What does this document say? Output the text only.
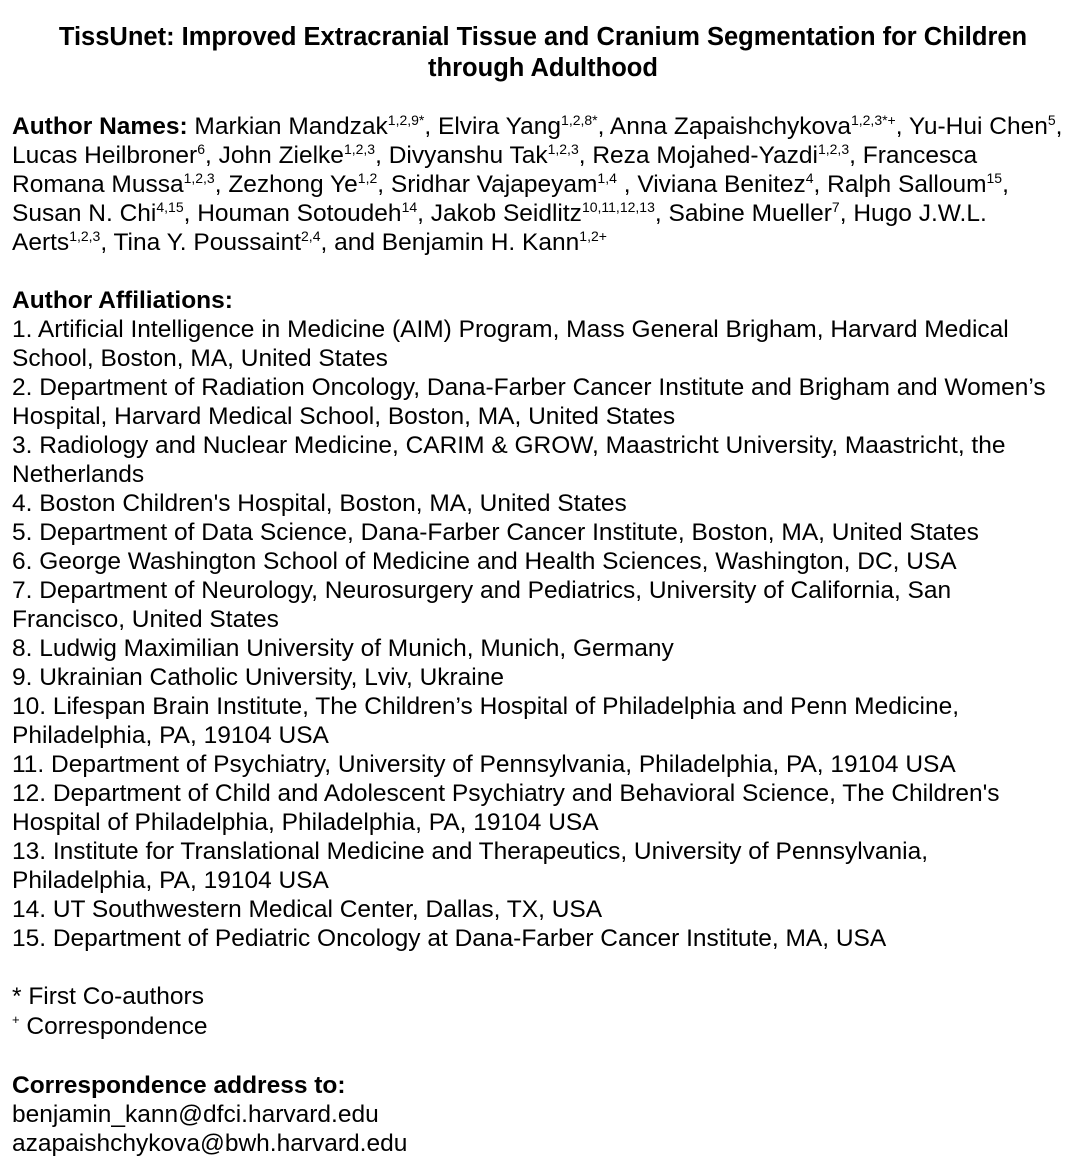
TissUnet: Improved Extracranial Tissue and Cranium Segmentation for Children
through Adulthood

Author Names: Markian Mandzak$^{1,2,9*}$, Elvira Yang$^{1,2,8*}$, Anna Zapaishchykova$^{1,2,3*+}$, Yu-Hui Chen$^5$, Lucas Heilbroner$^6$, John Zielke$^{1,2,3}$, Divyanshu Tak$^{1,2,3}$, Reza Mojahed-Yazdi$^{1,2,3}$, Francesca Romana Mussa$^{1,2,3}$, Zezhong Ye$^{1,2}$, Sridhar Vajapeyam$^{1,4}$ , Viviana Benitez$^4$, Ralph Salloum$^{15}$, Susan N. Chi$^{4,15}$, Houman Sotoudeh$^{14}$, Jakob Seidlitz$^{10,11,12,13}$, Sabine Mueller$^7$, Hugo J.W.L. Aerts$^{1,2,3}$, Tina Y. Poussaint$^{2,4}$, and Benjamin H. Kann$^{1,2+}$

Author Affiliations:
1. Artificial Intelligence in Medicine (AIM) Program, Mass General Brigham, Harvard Medical
School, Boston, MA, United States
2. Department of Radiation Oncology, Dana-Farber Cancer Institute and Brigham and Women’s
Hospital, Harvard Medical School, Boston, MA, United States
3. Radiology and Nuclear Medicine, CARIM & GROW, Maastricht University, Maastricht, the
Netherlands
4. Boston Children's Hospital, Boston, MA, United States
5. Department of Data Science, Dana-Farber Cancer Institute, Boston, MA, United States
6. George Washington School of Medicine and Health Sciences, Washington, DC, USA
7. Department of Neurology, Neurosurgery and Pediatrics, University of California, San
Francisco, United States
8. Ludwig Maximilian University of Munich, Munich, Germany
9. Ukrainian Catholic University, Lviv, Ukraine
10. Lifespan Brain Institute, The Children’s Hospital of Philadelphia and Penn Medicine,
Philadelphia, PA, 19104 USA
11. Department of Psychiatry, University of Pennsylvania, Philadelphia, PA, 19104 USA
12. Department of Child and Adolescent Psychiatry and Behavioral Science, The Children's
Hospital of Philadelphia, Philadelphia, PA, 19104 USA
13. Institute for Translational Medicine and Therapeutics, University of Pennsylvania,
Philadelphia, PA, 19104 USA
14. UT Southwestern Medical Center, Dallas, TX, USA
15. Department of Pediatric Oncology at Dana-Farber Cancer Institute, MA, USA
* First Co-authors
+ Correspondence
Correspondence address to:
benjamin_kann@dfci.harvard.edu
azapaishchykova@bwh.harvard.edu
